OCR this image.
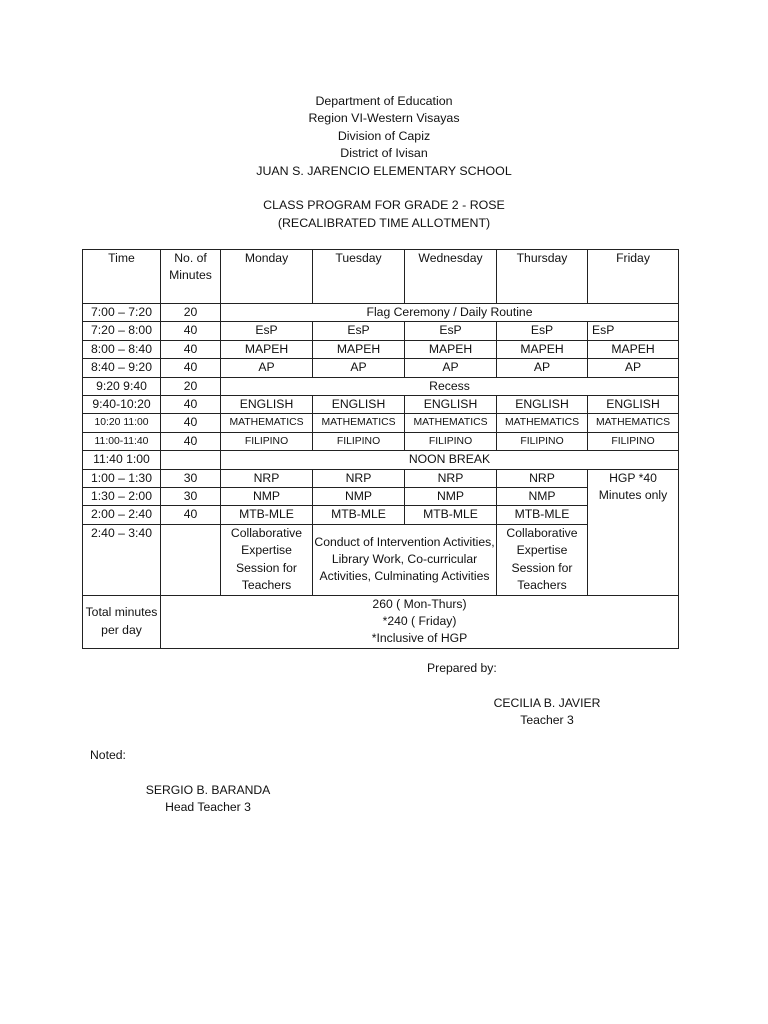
Department of Education
Region VI-Western Visayas
Division of Capiz
District of Ivisan
JUAN S. JARENCIO ELEMENTARY SCHOOL
CLASS PROGRAM FOR GRADE 2 - ROSE
(RECALIBRATED TIME ALLOTMENT)
Time	No. of Minutes	Monday	Tuesday	Wednesday	Thursday	Friday
7:00 – 7:20	20	Flag Ceremony / Daily Routine				
7:20 – 8:00	40	EsP	EsP	EsP	EsP	EsP
8:00 – 8:40	40	MAPEH	MAPEH	MAPEH	MAPEH	MAPEH
8:40 – 9:20	40	AP	AP	AP	AP	AP
9:20 9:40	20	Recess				
9:40-10:20	40	ENGLISH	ENGLISH	ENGLISH	ENGLISH	ENGLISH
10:20 11:00	40	MATHEMATICS	MATHEMATICS	MATHEMATICS	MATHEMATICS	MATHEMATICS
11:00-11:40	40	FILIPINO	FILIPINO	FILIPINO	FILIPINO	FILIPINO
11:40 1:00		NOON BREAK				
1:00 – 1:30	30	NRP	NRP	NRP	NRP	HGP *40 Minutes only
1:30 – 2:00	30	NMP	NMP	NMP	NMP	
2:00 – 2:40	40	MTB-MLE	MTB-MLE	MTB-MLE	MTB-MLE	
2:40 – 3:40		Collaborative Expertise Session for Teachers	Conduct of Intervention Activities, Library Work, Co-curricular Activities, Culminating Activities		Collaborative Expertise Session for Teachers	
Total minutes per day	260 ( Mon-Thurs)
*240 ( Friday)
*Inclusive of HGP					
Prepared by:
CECILIA B. JAVIER
Teacher 3
Noted:
SERGIO B. BARANDA
Head Teacher 3
